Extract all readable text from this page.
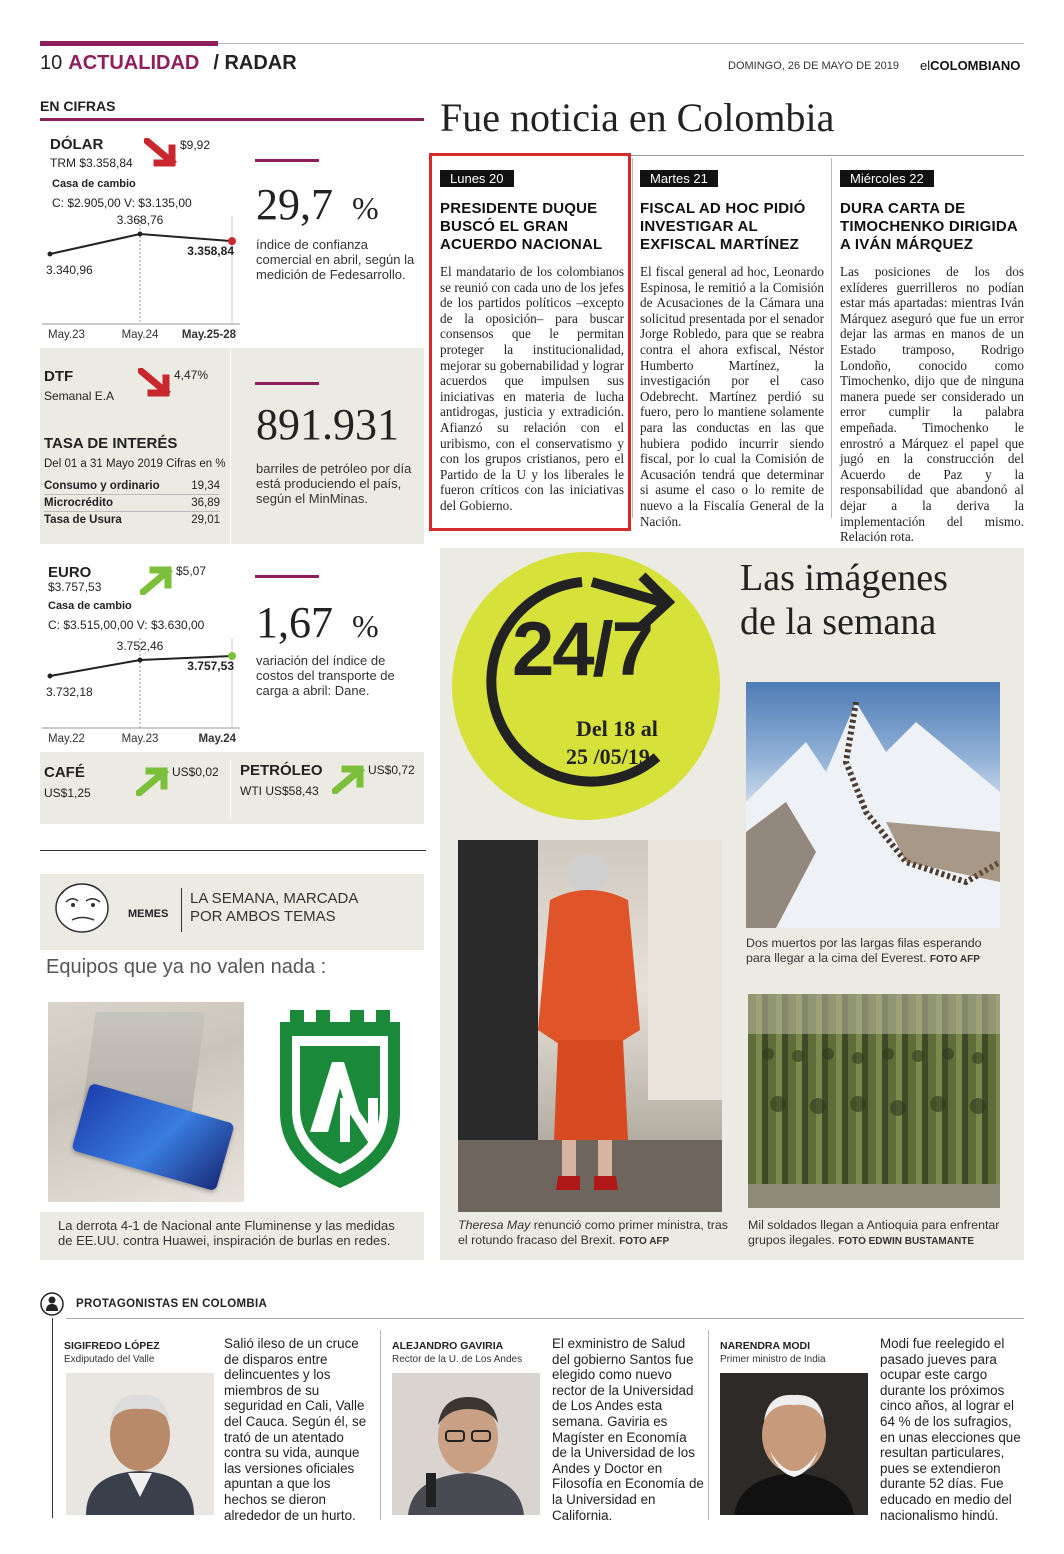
10 ACTUALIDAD / RADAR	DOMINGO, 26 DE MAYO DE 2019 elCOLOMBIANO
EN CIFRAS
DÓLAR
TRM $3.358,84
$9,92
Casa de cambio
C: $2.905,00 V: $3.135,00
3.340,96
3.368,76
3.358,84
May.23	May.24 May.25-28
29,7 %
índice de confianza comercial en abril, según la medición de Fedesarrollo.
DTF
Semanal E.A
4,47%
TASA DE INTERÉS
Del 01 a 31 Mayo 2019 Cifras en %
Consumo y ordinario	19,34
Microcrédito	36,89
Tasa de Usura	29,01
891.931
barriles de petróleo por día está produciendo el país, según el MinMinas.
EURO
$3.757,53
$5,07
Casa de cambio
C: $3.515,00,00 V: $3.630,00
3.732,18
3.752,46
3.757,53
May.22	May.23	May.24
1,67 %
variación del índice de costos del transporte de carga a abril: Dane.
CAFÉ
US$1,25
US$0,02 PETRÓLEO
WTI US$58,43
US$0,72
MEMES
LA SEMANA, MARCADA POR AMBOS TEMAS
Equipos que ya no valen nada :
La derrota 4-1 de Nacional ante Fluminense y las medidas de EE.UU. contra Huawei, inspiración de burlas en redes.
Fue noticia en Colombia
Lunes 20
PRESIDENTE DUQUE BUSCÓ EL GRAN ACUERDO NACIONAL
El mandatario de los colombianos se reunió con cada uno de los jefes de los partidos políticos –excepto de la oposición– para buscar consensos que le permitan proteger la institucionalidad, mejorar su gobernabilidad y lograr acuerdos que impulsen sus iniciativas en materia de lucha antidrogas, justicia y extradición. Afianzó su relación con el uribismo, con el conservatismo y con los grupos cristianos, pero el Partido de la U y los liberales le fueron críticos con las iniciativas del Gobierno.
Martes 21
FISCAL AD HOC PIDIÓ INVESTIGAR AL EXFISCAL MARTÍNEZ
El fiscal general ad hoc, Leonardo Espinosa, le remitió a la Comisión de Acusaciones de la Cámara una solicitud presentada por el senador Jorge Robledo, para que se reabra contra el ahora exfiscal, Néstor Humberto Martínez, la investigación por el caso Odebrecht. Martínez perdió su fuero, pero lo mantiene solamente para las conductas en las que hubiera podido incurrir siendo fiscal, por lo cual la Comisión de Acusación tendrá que determinar si asume el caso o lo remite de nuevo a la Fiscalía General de la Nación.
Miércoles 22
DURA CARTA DE TIMOCHENKO DIRIGIDA A IVÁN MÁRQUEZ
Las posiciones de los dos exlíderes guerrilleros no podían estar más apartadas: mientras Iván Márquez aseguró que fue un error dejar las armas en manos de un Estado tramposo, Rodrigo Londoño, conocido como Timochenko, dijo que de ninguna manera puede ser considerado un error cumplir la palabra empeñada. Timochenko le enrostró a Márquez el papel que jugó en la construcción del Acuerdo de Paz y la responsabilidad que abandonó al dejar a la deriva la implementación del mismo. Relación rota.
24/7
Del 18 al
25 /05/19
Las imágenes
de la semana
Dos muertos por las largas filas esperando para llegar a la cima del Everest. FOTO AFP
Theresa May renunció como primer ministra, tras el rotundo fracaso del Brexit. FOTO AFP
Mil soldados llegan a Antioquia para enfrentar grupos ilegales. FOTO EDWIN BUSTAMANTE
PROTAGONISTAS EN COLOMBIA
SIGIFREDO LÓPEZ
Exdiputado del Valle
Salió ileso de un cruce de disparos entre delincuentes y los miembros de su seguridad en Cali, Valle del Cauca. Según él, se trató de un atentado contra su vida, aunque las versiones oficiales apuntan a que los hechos se dieron alrededor de un hurto.
ALEJANDRO GAVIRIA
Rector de la U. de Los Andes
El exministro de Salud del gobierno Santos fue elegido como nuevo rector de la Universidad de Los Andes esta semana. Gaviria es Magíster en Economía de la Universidad de los Andes y Doctor en Filosofía en Economía de la Universidad en California.
NARENDRA MODI
Primer ministro de India
Modi fue reelegido el pasado jueves para ocupar este cargo durante los próximos cinco años, al lograr el 64 % de los sufragios, en unas elecciones que resultan particulares, pues se extendieron durante 52 días. Fue educado en medio del nacionalismo hindú.
